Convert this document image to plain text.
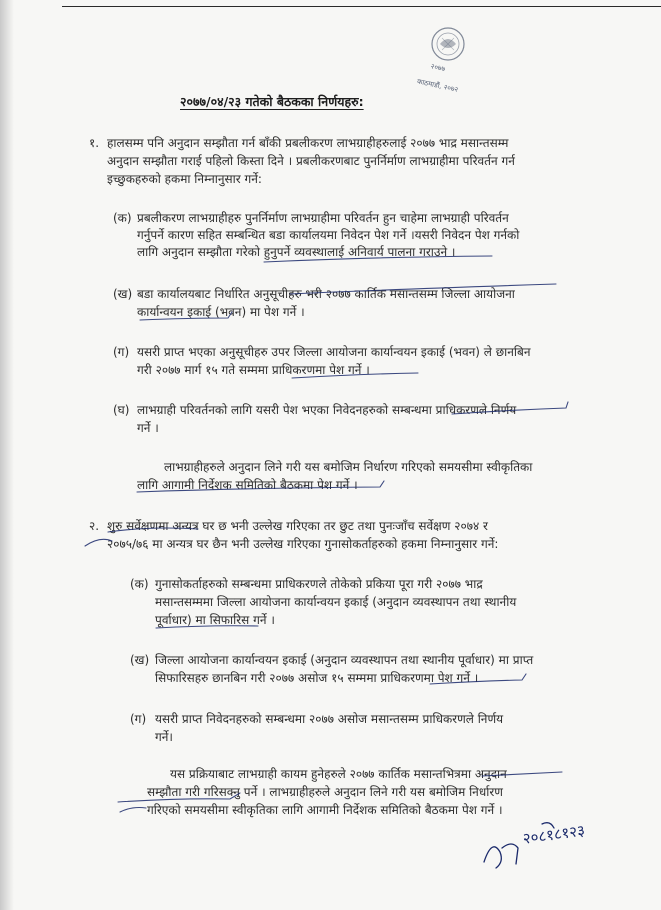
२०७७
काठमाडौं, २०७२
२०७७/०४/२३ गतेको बैठकका निर्णयहरु:
१. हालसम्म पनि अनुदान सम्झौता गर्न बाँकी प्रबलीकरण लाभग्राहीहरुलाई २०७७ भाद्र मसान्तसम्म
अनुदान सम्झौता गराई पहिलो किस्ता दिने । प्रबलीकरणबाट पुनर्निर्माण लाभग्राहीमा परिवर्तन गर्न
इच्छुकहरुको हकमा निम्नानुसार गर्ने:
(क) प्रबलीकरण लाभग्राहीहरु पुनर्निर्माण लाभग्राहीमा परिवर्तन हुन चाहेमा लाभग्राही परिवर्तन
गर्नुपर्ने कारण सहित सम्बन्धित बडा कार्यालयमा निवेदन पेश गर्ने ।यसरी निवेदन पेश गर्नको
लागि अनुदान सम्झौता गरेको हुनुपर्ने व्यवस्थालाई अनिवार्य पालना गराउने ।
(ख) बडा कार्यालयबाट निर्धारित अनुसूचीहरु भरी २०७७ कार्तिक मसान्तसम्म जिल्ला आयोजना
कार्यान्वयन इकाई (भवन) मा पेश गर्ने ।
(ग) यसरी प्राप्त भएका अनुसूचीहरु उपर जिल्ला आयोजना कार्यान्वयन इकाई (भवन) ले छानबिन
गरी २०७७ मार्ग १५ गते सम्ममा प्राधिकरणमा पेश गर्ने ।
(घ) लाभग्राही परिवर्तनको लागि यसरी पेश भएका निवेदनहरुको सम्बन्धमा प्राधिकरणले निर्णय
गर्ने ।
लाभग्राहीहरुले अनुदान लिने गरी यस बमोजिम निर्धारण गरिएको समयसीमा स्वीकृतिका
लागि आगामी निर्देशक समितिको बैठकमा पेश गर्ने ।
२. शुरु सर्वेक्षणमा अन्यत्र घर छ भनी उल्लेख गरिएका तर छुट तथा पुनःजाँच सर्वेक्षण २०७४ र
२०७५/७६ मा अन्यत्र घर छैन भनी उल्लेख गरिएका गुनासोकर्ताहरुको हकमा निम्नानुसार गर्ने:
(क) गुनासोकर्ताहरुको सम्बन्धमा प्राधिकरणले तोकेको प्रकिया पूरा गरी २०७७ भाद्र
मसान्तसम्ममा जिल्ला आयोजना कार्यान्वयन इकाई (अनुदान व्यवस्थापन तथा स्थानीय
पूर्वाधार) मा सिफारिस गर्ने ।
(ख) जिल्ला आयोजना कार्यान्वयन इकाई (अनुदान व्यवस्थापन तथा स्थानीय पूर्वाधार) मा प्राप्त
सिफारिसहरु छानबिन गरी २०७७ असोज १५ सम्ममा प्राधिकरणमा पेश गर्ने ।
(ग) यसरी प्राप्त निवेदनहरुको सम्बन्धमा २०७७ असोज मसान्तसम्म प्राधिकरणले निर्णय
गर्ने।
यस प्रक्रियाबाट लाभग्राही कायम हुनेहरुले २०७७ कार्तिक मसान्तभित्रमा अनुदान
सम्झौता गरी गरिसक्नु पर्ने । लाभग्राहीहरुले अनुदान लिने गरी यस बमोजिम निर्धारण
गरिएको समयसीमा स्वीकृतिका लागि आगामी निर्देशक समितिको बैठकमा पेश गर्ने ।
२०८१८१२३
